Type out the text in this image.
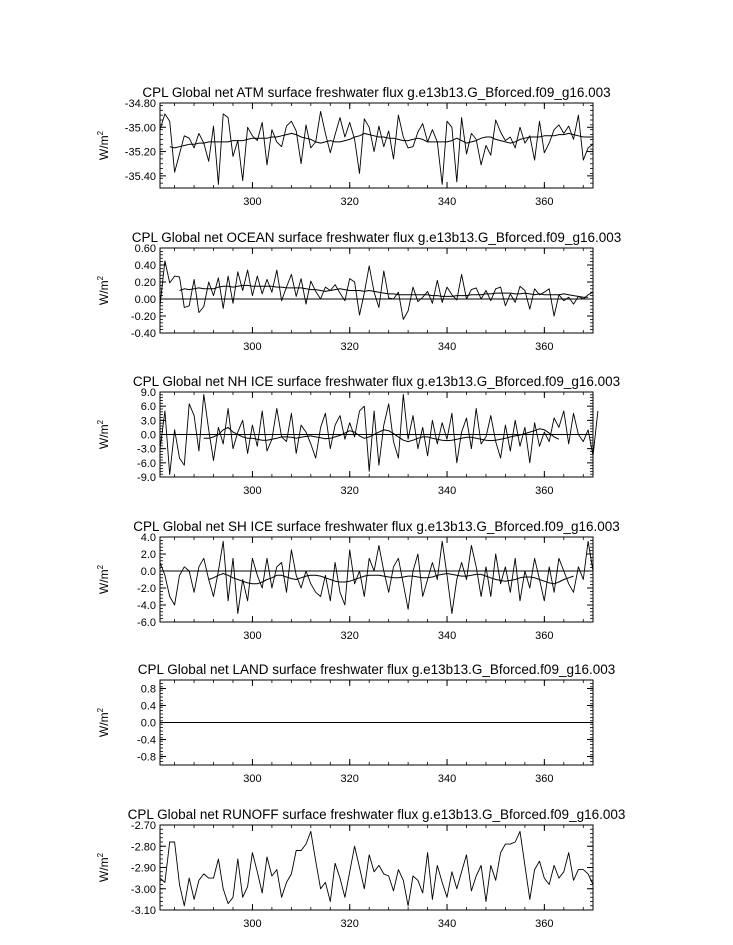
CPL Global net ATM surface freshwater flux g.e13b13.G_Bforced.f09_g16.003
300	320	340	360
-35.40
-35.20
-35.00
-34.80
$W/m^2$
CPL Global net OCEAN surface freshwater flux g.e13b13.G_Bforced.f09_g16.003
300	320	340	360
-0.40
-0.20
0.00
0.20
0.40
0.60
$W/m^2$
CPL Global net NH ICE surface freshwater flux g.e13b13.G_Bforced.f09_g16.003
300	320	340	360
-9.0
-6.0
-3.0
0.0
3.0
6.0
9.0
$W/m^2$
CPL Global net SH ICE surface freshwater flux g.e13b13.G_Bforced.f09_g16.003
300	320	340	360
-6.0
-4.0
-2.0
0.0
2.0
4.0
$W/m^2$
CPL Global net LAND surface freshwater flux g.e13b13.G_Bforced.f09_g16.003
300	320	340	360
-0.8
-0.4
0.0
0.4
0.8
$W/m^2$
CPL Global net RUNOFF surface freshwater flux g.e13b13.G_Bforced.f09_g16.003
300	320	340	360
-3.10
-3.00
-2.90
-2.80
-2.70
$W/m^2$
